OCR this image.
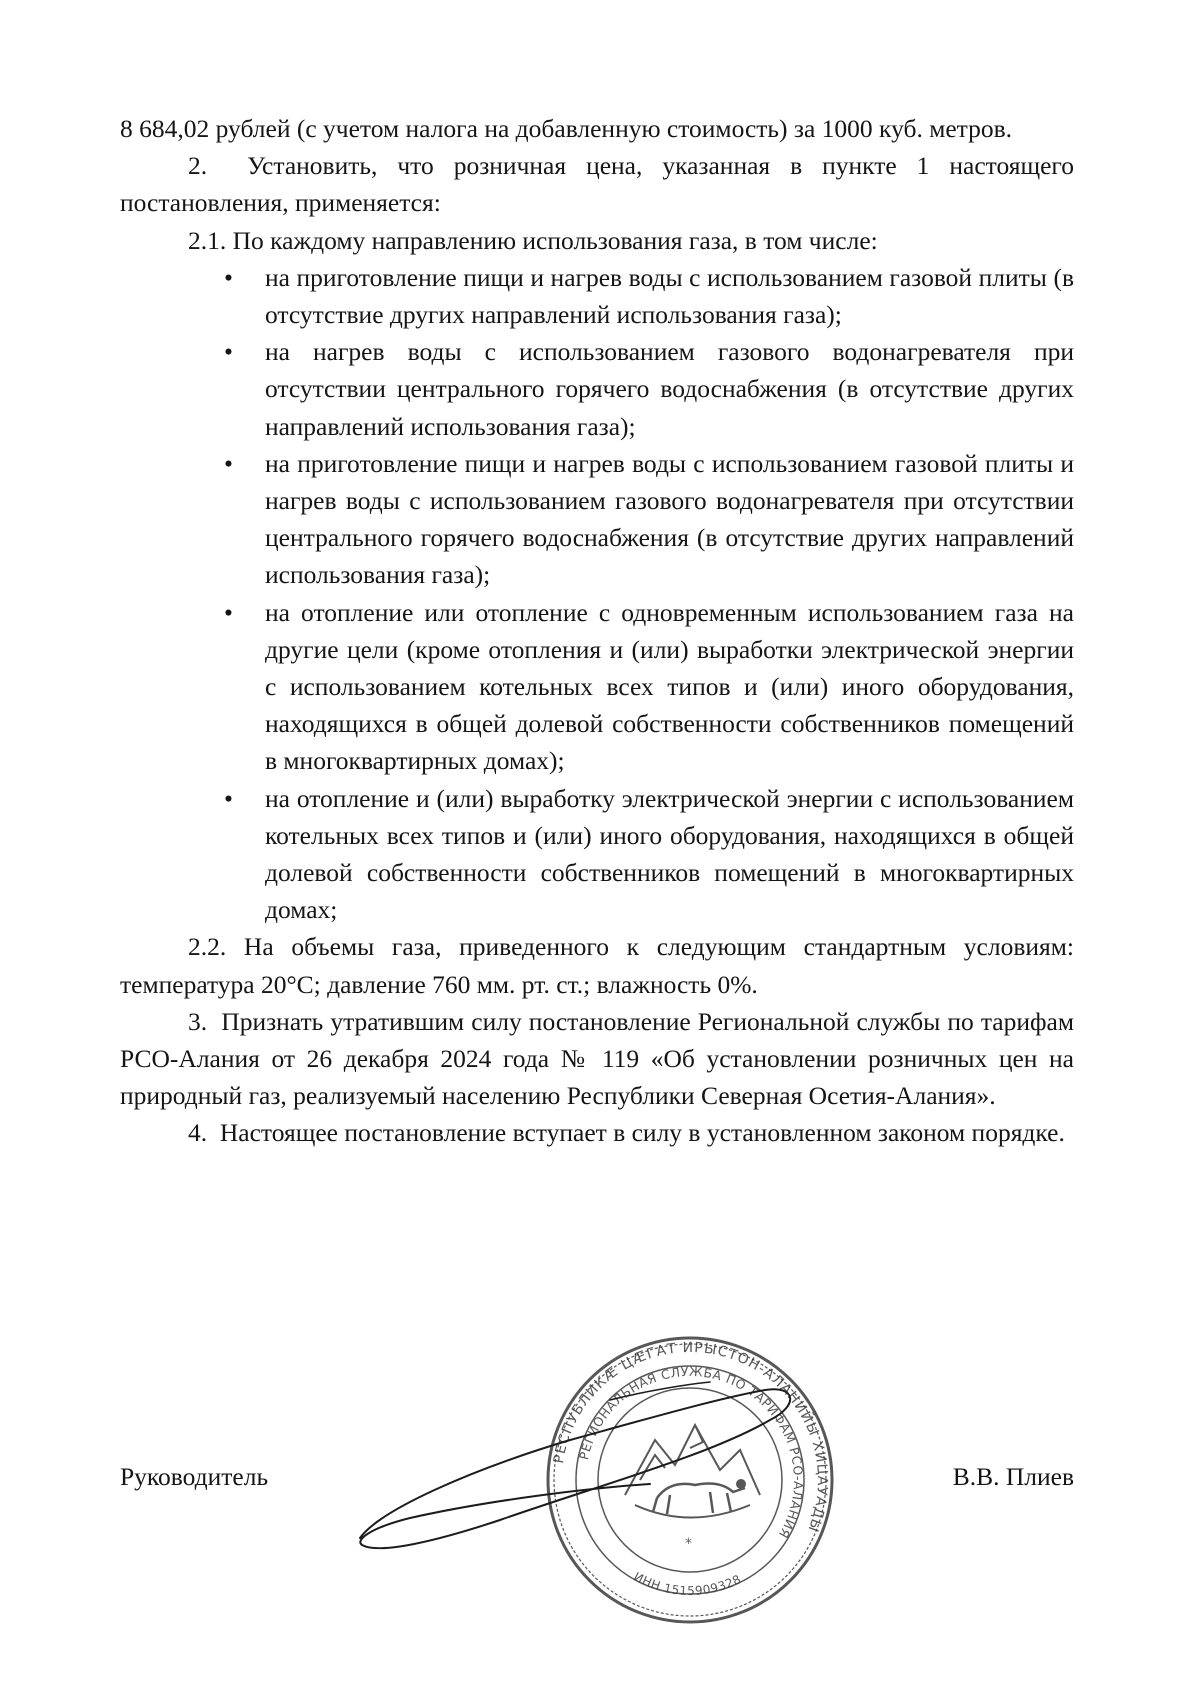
8 684,02 рублей (с учетом налога на добавленную стоимость) за 1000 куб. метров.

2.  Установить, что розничная цена, указанная в пункте 1 настоящего постановления, применяется:

2.1. По каждому направлению использования газа, в том числе:

• на приготовление пищи и нагрев воды с использованием газовой плиты (в отсутствие других направлений использования газа);
• на нагрев воды с использованием газового водонагревателя при отсутствии центрального горячего водоснабжения (в отсутствие других направлений использования газа);
• на приготовление пищи и нагрев воды с использованием газовой плиты и нагрев воды с использованием газового водонагревателя при отсутствии центрального горячего водоснабжения (в отсутствие других направлений использования газа);
• на отопление или отопление с одновременным использованием газа на другие цели (кроме отопления и (или) выработки электрической энергии с использованием котельных всех типов и (или) иного оборудования, находящихся в общей долевой собственности собственников помещений в многоквартирных домах);
• на отопление и (или) выработку электрической энергии с использованием котельных всех типов и (или) иного оборудования, находящихся в общей долевой собственности собственников помещений в многоквартирных домах;

2.2. На объемы газа, приведенного к следующим стандартным условиям: температура 20°С; давление 760 мм. рт. ст.; влажность 0%.

3.  Признать утратившим силу постановление Региональной службы по тарифам РСО-Алания от 26 декабря 2024 года № 119 «Об установлении розничных цен на природный газ, реализуемый населению Республики Северная Осетия-Алания».

4.  Настоящее постановление вступает в силу в установленном законом порядке.

РЕСПУБЛИКӔ ЦӔГАТ ИРЫСТОН-АЛАНИЙЫ ХИЦАУАДЫ
РЕГИОНАЛЬНАЯ СЛУЖБА ПО ТАРИФАМ РСО-АЛАНИЯ
ИНН 1515909328
*
Руководитель	В.В. Плиев
